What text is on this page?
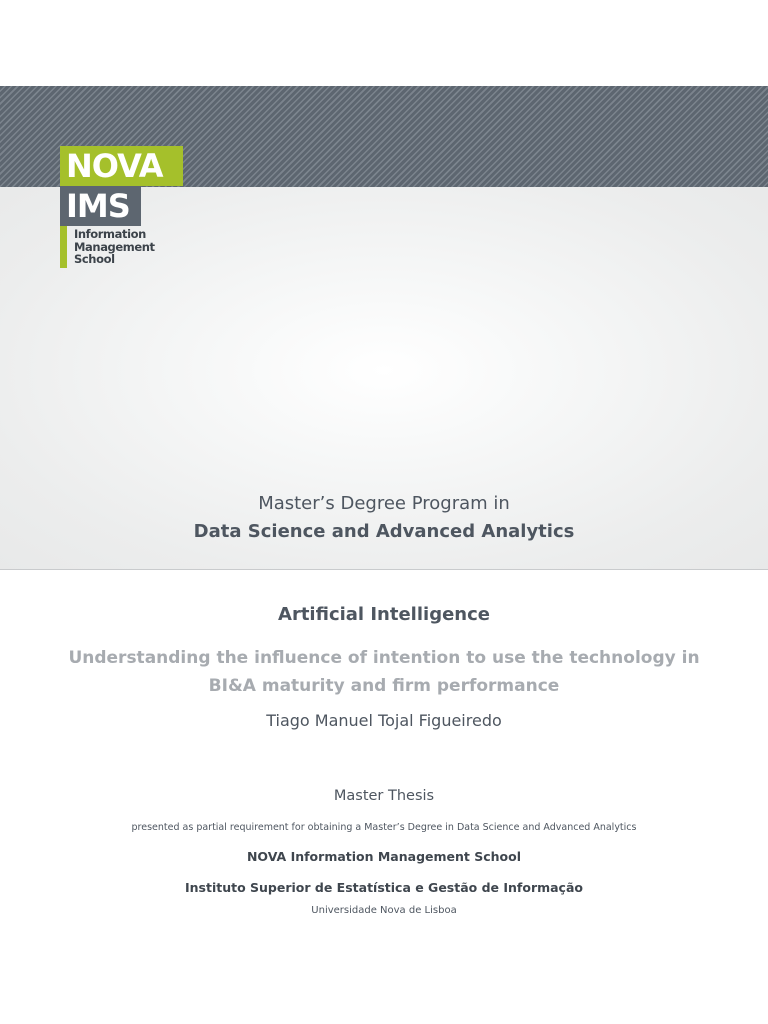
NOVA
IMS
Information
Management
School
Master’s Degree Program in
Data Science and Advanced Analytics
Artificial Intelligence
Understanding the influence of intention to use the technology in
BI&A maturity and firm performance
Tiago Manuel Tojal Figueiredo
Master Thesis
presented as partial requirement for obtaining a Master’s Degree in Data Science and Advanced Analytics
NOVA Information Management School
Instituto Superior de Estatística e Gestão de Informação
Universidade Nova de Lisboa
